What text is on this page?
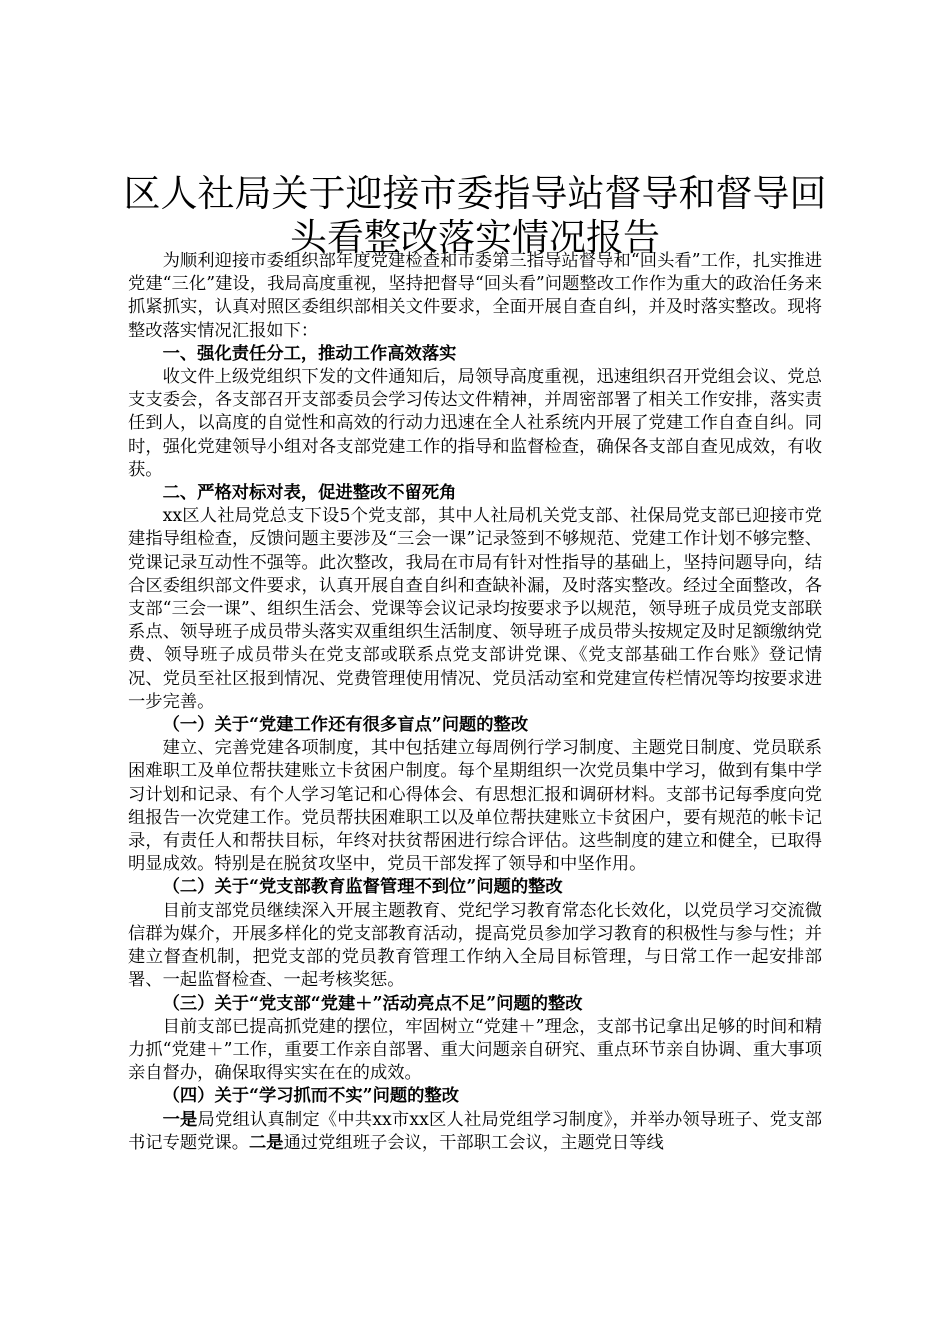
区人社局关于迎接市委指导站督导和督导回头看整改落实情况报告

为顺利迎接市委组织部年度党建检查和市委第三指导站督导和“回头看”工作，扎实推进党建“三化”建设，我局高度重视，坚持把督导“回头看”问题整改工作作为重大的政治任务来抓紧抓实，认真对照区委组织部相关文件要求，全面开展自查自纠，并及时落实整改。现将整改落实情况汇报如下：

一、强化责任分工，推动工作高效落实

收文件上级党组织下发的文件通知后，局领导高度重视，迅速组织召开党组会议、党总支支委会，各支部召开支部委员会学习传达文件精神，并周密部署了相关工作安排，落实责任到人，以高度的自觉性和高效的行动力迅速在全人社系统内开展了党建工作自查自纠。同时，强化党建领导小组对各支部党建工作的指导和监督检查，确保各支部自查见成效，有收获。

二、严格对标对表，促进整改不留死角

xx区人社局党总支下设5个党支部，其中人社局机关党支部、社保局党支部已迎接市党建指导组检查，反馈问题主要涉及“三会一课”记录签到不够规范、党建工作计划不够完整、党课记录互动性不强等。此次整改，我局在市局有针对性指导的基础上，坚持问题导向，结合区委组织部文件要求，认真开展自查自纠和查缺补漏，及时落实整改。经过全面整改，各支部“三会一课”、组织生活会、党课等会议记录均按要求予以规范，领导班子成员党支部联系点、领导班子成员带头落实双重组织生活制度、领导班子成员带头按规定及时足额缴纳党费、领导班子成员带头在党支部或联系点党支部讲党课、《党支部基础工作台账》登记情况、党员至社区报到情况、党费管理使用情况、党员活动室和党建宣传栏情况等均按要求进一步完善。

（一）关于“党建工作还有很多盲点”问题的整改

建立、完善党建各项制度，其中包括建立每周例行学习制度、主题党日制度、党员联系困难职工及单位帮扶建账立卡贫困户制度。每个星期组织一次党员集中学习，做到有集中学习计划和记录、有个人学习笔记和心得体会、有思想汇报和调研材料。支部书记每季度向党组报告一次党建工作。党员帮扶困难职工以及单位帮扶建账立卡贫困户，要有规范的帐卡记录，有责任人和帮扶目标，年终对扶贫帮困进行综合评估。这些制度的建立和健全，已取得明显成效。特别是在脱贫攻坚中，党员干部发挥了领导和中坚作用。

（二）关于“党支部教育监督管理不到位”问题的整改

目前支部党员继续深入开展主题教育、党纪学习教育常态化长效化，以党员学习交流微信群为媒介，开展多样化的党支部教育活动，提高党员参加学习教育的积极性与参与性；并建立督查机制，把党支部的党员教育管理工作纳入全局目标管理，与日常工作一起安排部署、一起监督检查、一起考核奖惩。

（三）关于“党支部“党建＋”活动亮点不足”问题的整改

目前支部已提高抓党建的摆位，牢固树立“党建＋”理念，支部书记拿出足够的时间和精力抓“党建＋”工作，重要工作亲自部署、重大问题亲自研究、重点环节亲自协调、重大事项亲自督办，确保取得实实在在的成效。

（四）关于“学习抓而不实”问题的整改

一是局党组认真制定《中共xx市xx区人社局党组学习制度》，并举办领导班子、党支部书记专题党课。二是通过党组班子会议，干部职工会议，主题党日等线
